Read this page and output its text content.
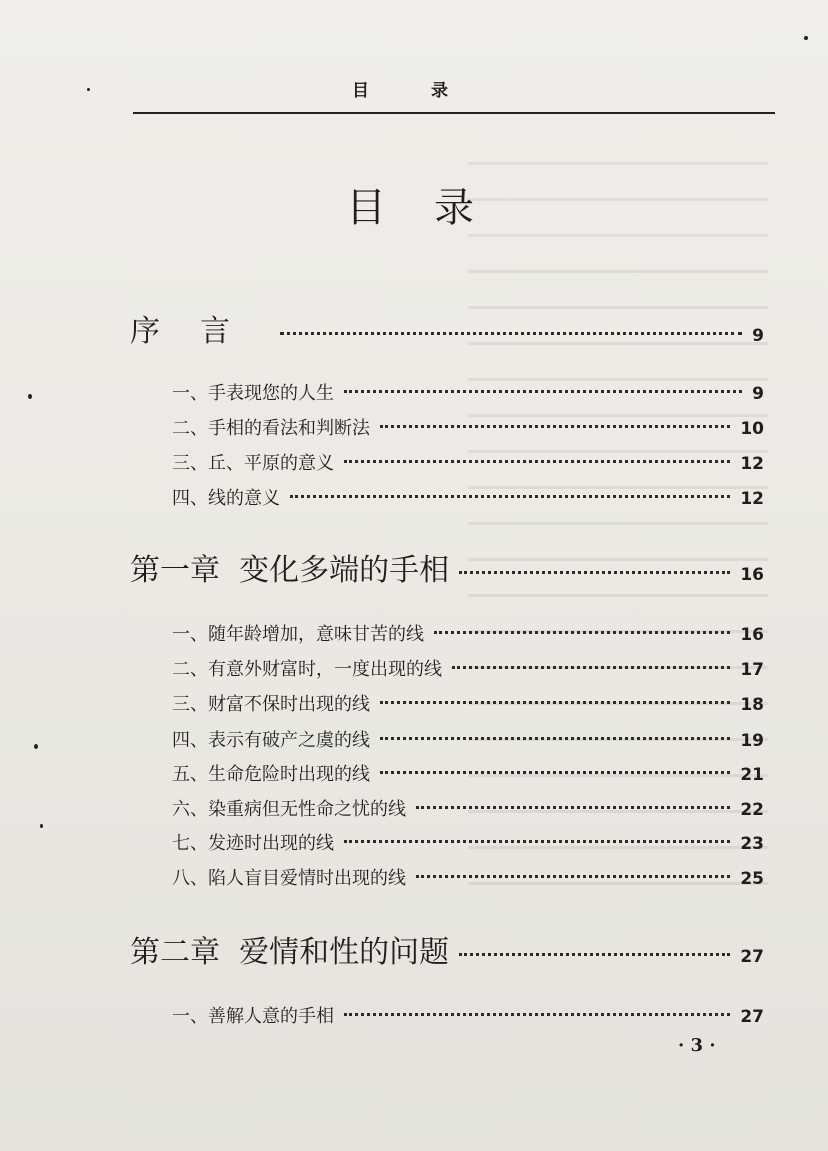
目 录
目录
序言	9
一、手表现您的人生	9
二、手相的看法和判断法	10
三、丘、平原的意义	12
四、线的意义	12
第一章  变化多端的手相	16
一、随年龄增加，意味甘苦的线	16
二、有意外财富时，一度出现的线	17
三、财富不保时出现的线	18
四、表示有破产之虞的线	19
五、生命危险时出现的线	21
六、染重病但无性命之忧的线	22
七、发迹时出现的线	23
八、陷人盲目爱情时出现的线	25
第二章  爱情和性的问题	27
一、善解人意的手相	27
· 3 ·
